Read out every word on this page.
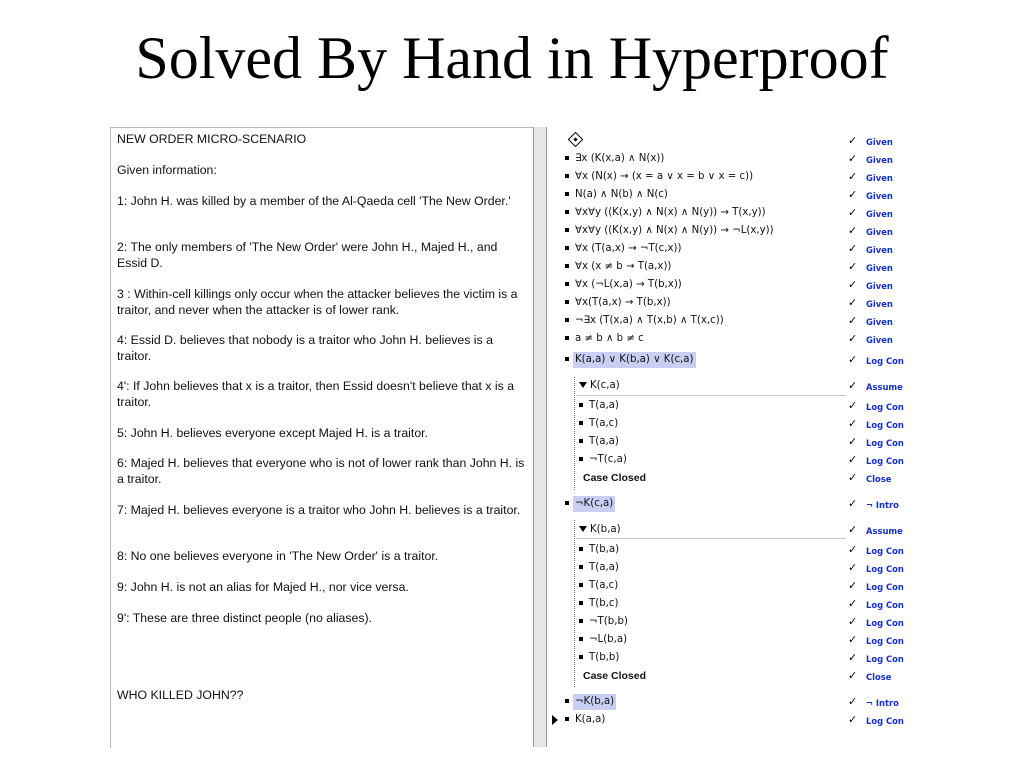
Solved By Hand in Hyperproof

NEW ORDER MICRO-SCENARIO

Given information:

1: John H. was killed by a member of the Al-Qaeda cell 'The New Order.'

2: The only members of 'The New Order' were John H., Majed H., and Essid D.

3 : Within-cell killings only occur when the attacker believes the victim is a traitor, and never when the attacker is of lower rank.

4: Essid D. believes that nobody is a traitor who John H. believes is a traitor.

4': If John believes that x is a traitor, then Essid doesn't believe that x is a traitor.

5: John H. believes everyone except Majed H. is a traitor.

6: Majed H. believes that everyone who is not of lower rank than John H. is a traitor.

7: Majed H. believes everyone is a traitor who John H. believes is a traitor.

8: No one believes everyone in 'The New Order' is a traitor.

9: John H. is not an alias for Majed H., nor vice versa.

9': These are three distinct people (no aliases).

WHO KILLED JOHN??

✓ Given
∃x (K(x,a) ∧ N(x))	✓ Given
∀x (N(x) → (x = a ∨ x = b ∨ x = c))	✓ Given
N(a) ∧ N(b) ∧ N(c)	✓ Given
∀x∀y ((K(x,y) ∧ N(x) ∧ N(y)) → T(x,y))	✓ Given
∀x∀y ((K(x,y) ∧ N(x) ∧ N(y)) → ¬L(x,y))	✓ Given
∀x (T(a,x) → ¬T(c,x))	✓ Given
∀x (x ≠ b → T(a,x))	✓ Given
∀x (¬L(x,a) → T(b,x))	✓ Given
∀x(T(a,x) → T(b,x))	✓ Given
¬∃x (T(x,a) ∧ T(x,b) ∧ T(x,c))	✓ Given
a ≠ b ∧ b ≠ c	✓ Given
K(a,a) ∨ K(b,a) ∨ K(c,a)	✓ Log Con
K(c,a)	✓ Assume
T(a,a)	✓ Log Con
T(a,c)	✓ Log Con
T(a,a)	✓ Log Con
¬T(c,a)	✓ Log Con
Case Closed	✓ Close
¬K(c,a)	✓ ¬ Intro
K(b,a)	✓ Assume
T(b,a)	✓ Log Con
T(a,a)	✓ Log Con
T(a,c)	✓ Log Con
T(b,c)	✓ Log Con
¬T(b,b)	✓ Log Con
¬L(b,a)	✓ Log Con
T(b,b)	✓ Log Con
Case Closed	✓ Close
¬K(b,a)	✓ ¬ Intro
K(a,a)	✓ Log Con
